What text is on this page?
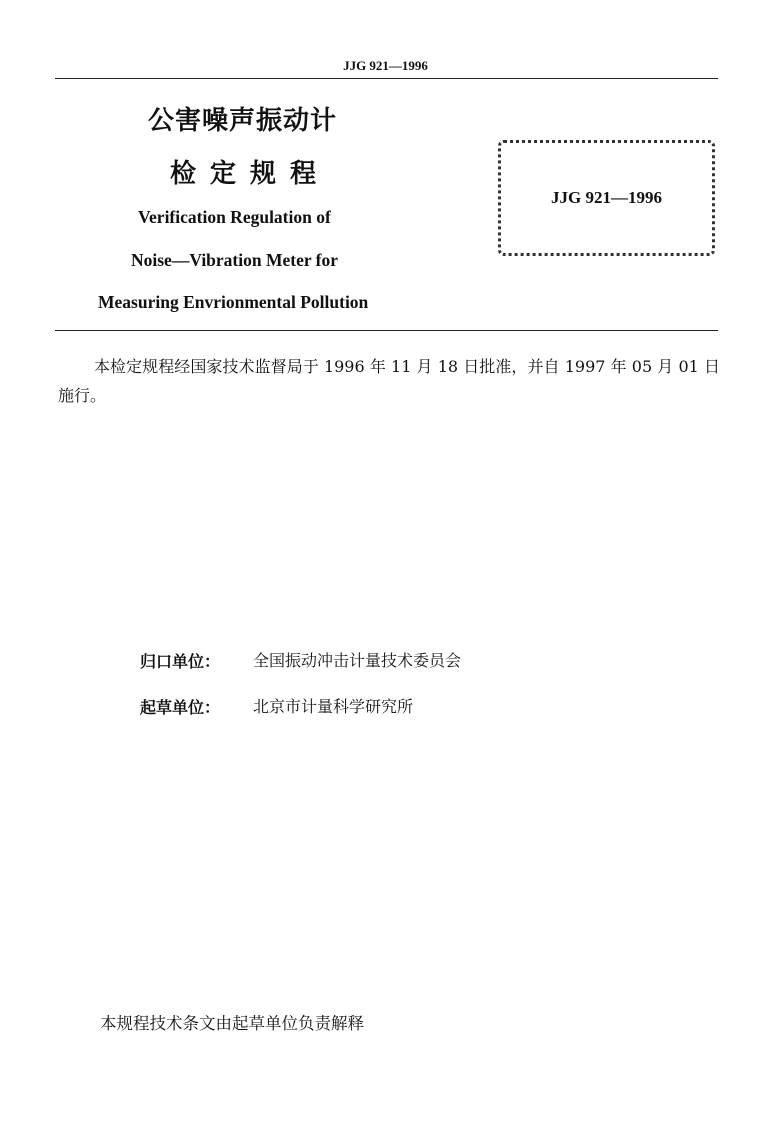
JJG 921—1996
公害噪声振动计
检定规程
Verification Regulation of
Noise—Vibration Meter for
Measuring Envrionmental Pollution
JJG 921—1996
本检定规程经国家技术监督局于 1996 年 11 月 18 日批准，并自 1997 年 05 月 01 日施行。
归口单位： 全国振动冲击计量技术委员会
起草单位： 北京市计量科学研究所
本规程技术条文由起草单位负责解释
